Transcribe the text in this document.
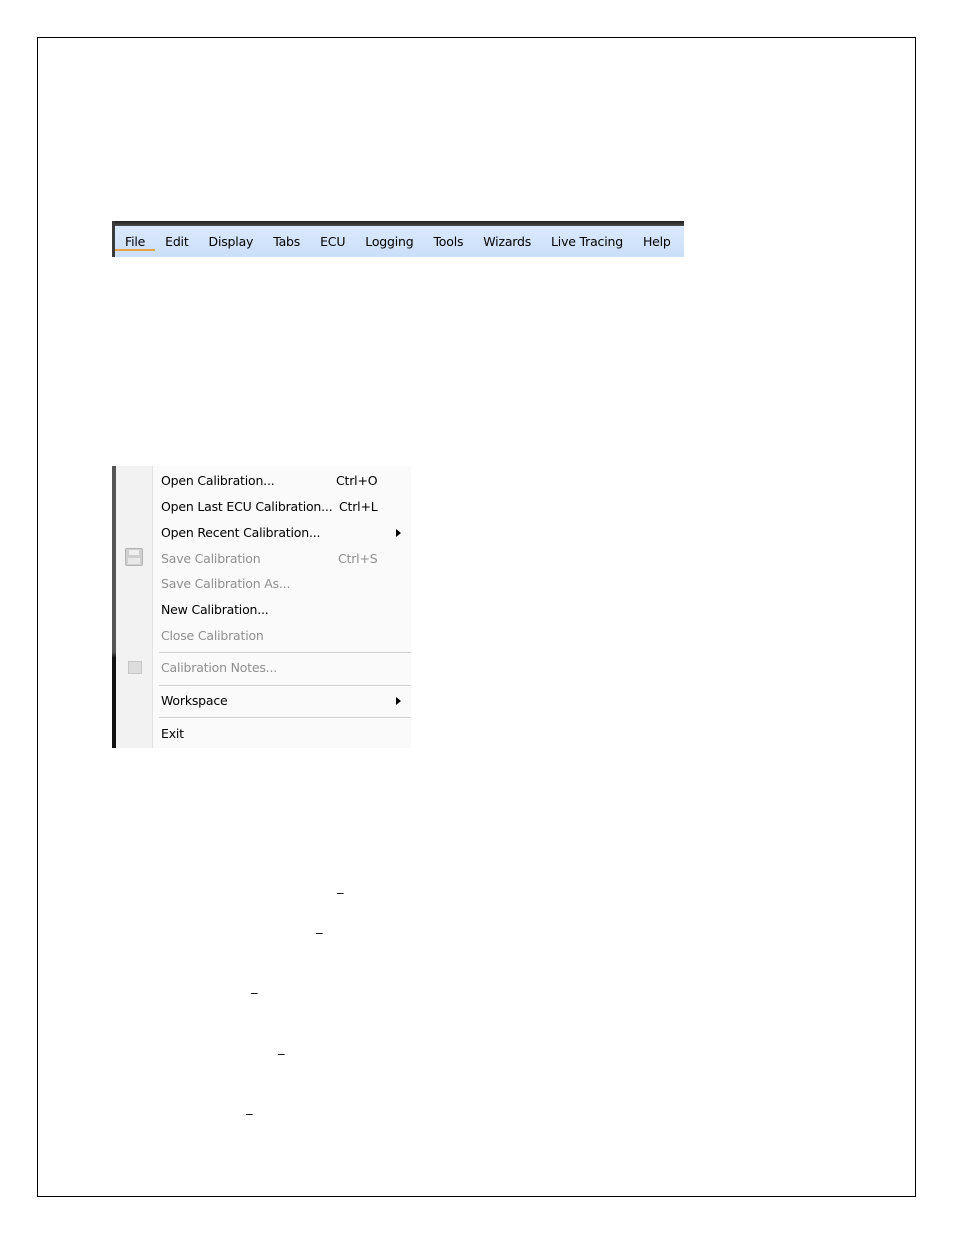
File	Edit	Display	Tabs	ECU	Logging	Tools	Wizards	Live Tracing	Help
Open Calibration...	Ctrl+O
Open Last ECU Calibration... Ctrl+L
Open Recent Calibration...
Save Calibration	Ctrl+S
Save Calibration As...
New Calibration...
Close Calibration
Calibration Notes...
Workspace
Exit
_
_
_
_
_
